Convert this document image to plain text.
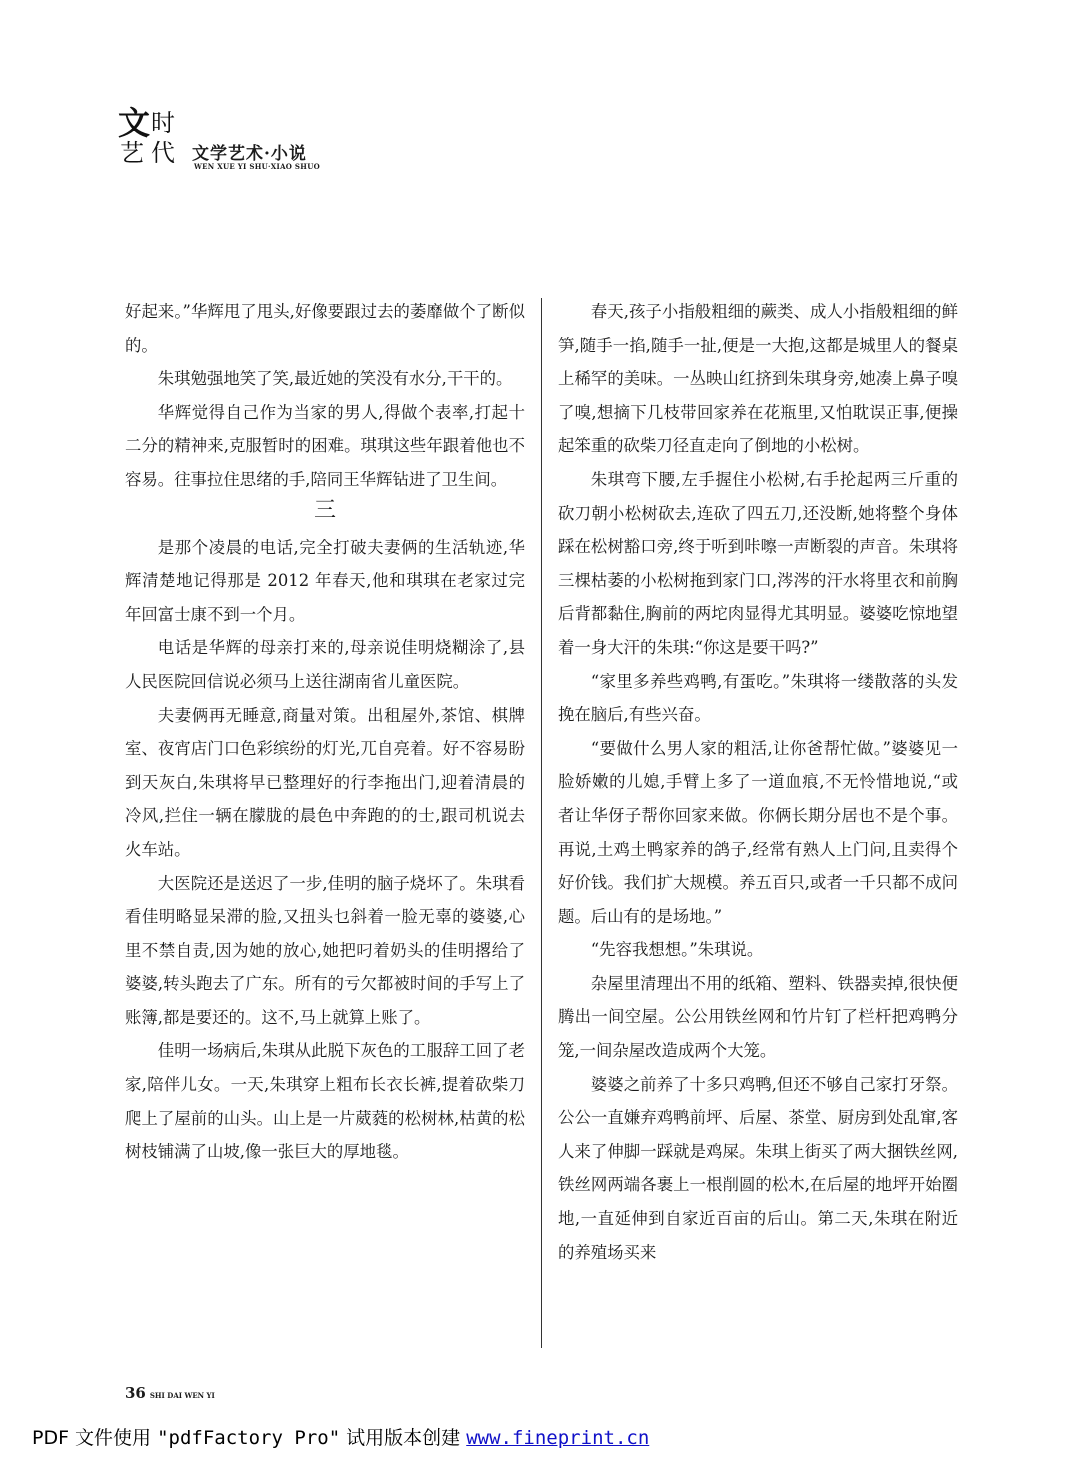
文 时
艺 代 文学艺术·小说
WEN XUE YI SHU·XIAO SHUO

好起来。”华辉甩了甩头,好像要跟过去的萎靡做个了断似的。

朱琪勉强地笑了笑,最近她的笑没有水分,干干的。

华辉觉得自己作为当家的男人,得做个表率,打起十二分的精神来,克服暂时的困难。琪琪这些年跟着他也不容易。往事拉住思绪的手,陪同王华辉钻进了卫生间。

三

是那个凌晨的电话,完全打破夫妻俩的生活轨迹,华辉清楚地记得那是 2012 年春天,他和琪琪在老家过完年回富士康不到一个月。

电话是华辉的母亲打来的,母亲说佳明烧糊涂了,县人民医院回信说必须马上送往湖南省儿童医院。

夫妻俩再无睡意,商量对策。出租屋外,茶馆、棋牌室、夜宵店门口色彩缤纷的灯光,兀自亮着。好不容易盼到天灰白,朱琪将早已整理好的行李拖出门,迎着清晨的冷风,拦住一辆在朦胧的晨色中奔跑的的士,跟司机说去火车站。

大医院还是送迟了一步,佳明的脑子烧坏了。朱琪看看佳明略显呆滞的脸,又扭头乜斜着一脸无辜的婆婆,心里不禁自责,因为她的放心,她把叼着奶头的佳明撂给了婆婆,转头跑去了广东。所有的亏欠都被时间的手写上了账簿,都是要还的。这不,马上就算上账了。

佳明一场病后,朱琪从此脱下灰色的工服辞工回了老家,陪伴儿女。一天,朱琪穿上粗布长衣长裤,提着砍柴刀爬上了屋前的山头。山上是一片葳蕤的松树林,枯黄的松树枝铺满了山坡,像一张巨大的厚地毯。

春天,孩子小指般粗细的蕨类、成人小指般粗细的鲜笋,随手一掐,随手一扯,便是一大抱,这都是城里人的餐桌上稀罕的美味。一丛映山红挤到朱琪身旁,她凑上鼻子嗅了嗅,想摘下几枝带回家养在花瓶里,又怕耽误正事,便操起笨重的砍柴刀径直走向了倒地的小松树。

朱琪弯下腰,左手握住小松树,右手抡起两三斤重的砍刀朝小松树砍去,连砍了四五刀,还没断,她将整个身体踩在松树豁口旁,终于听到咔嚓一声断裂的声音。朱琪将三棵枯萎的小松树拖到家门口,涔涔的汗水将里衣和前胸后背都黏住,胸前的两坨肉显得尤其明显。婆婆吃惊地望着一身大汗的朱琪:“你这是要干吗?”

“家里多养些鸡鸭,有蛋吃。”朱琪将一缕散落的头发挽在脑后,有些兴奋。

“要做什么男人家的粗活,让你爸帮忙做。”婆婆见一脸娇嫩的儿媳,手臂上多了一道血痕,不无怜惜地说,“或者让华伢子帮你回家来做。你俩长期分居也不是个事。再说,土鸡土鸭家养的鸽子,经常有熟人上门问,且卖得个好价钱。我们扩大规模。养五百只,或者一千只都不成问题。后山有的是场地。”

“先容我想想。”朱琪说。

杂屋里清理出不用的纸箱、塑料、铁器卖掉,很快便腾出一间空屋。公公用铁丝网和竹片钉了栏杆把鸡鸭分笼,一间杂屋改造成两个大笼。

婆婆之前养了十多只鸡鸭,但还不够自己家打牙祭。公公一直嫌弃鸡鸭前坪、后屋、茶堂、厨房到处乱窜,客人来了伸脚一踩就是鸡屎。朱琪上街买了两大捆铁丝网,铁丝网两端各裹上一根削圆的松木,在后屋的地坪开始圈地,一直延伸到自家近百亩的后山。第二天,朱琪在附近的养殖场买来

36 SHI DAI WEN YI
PDF 文件使用 "pdfFactory Pro" 试用版本创建 www.fineprint.cn
